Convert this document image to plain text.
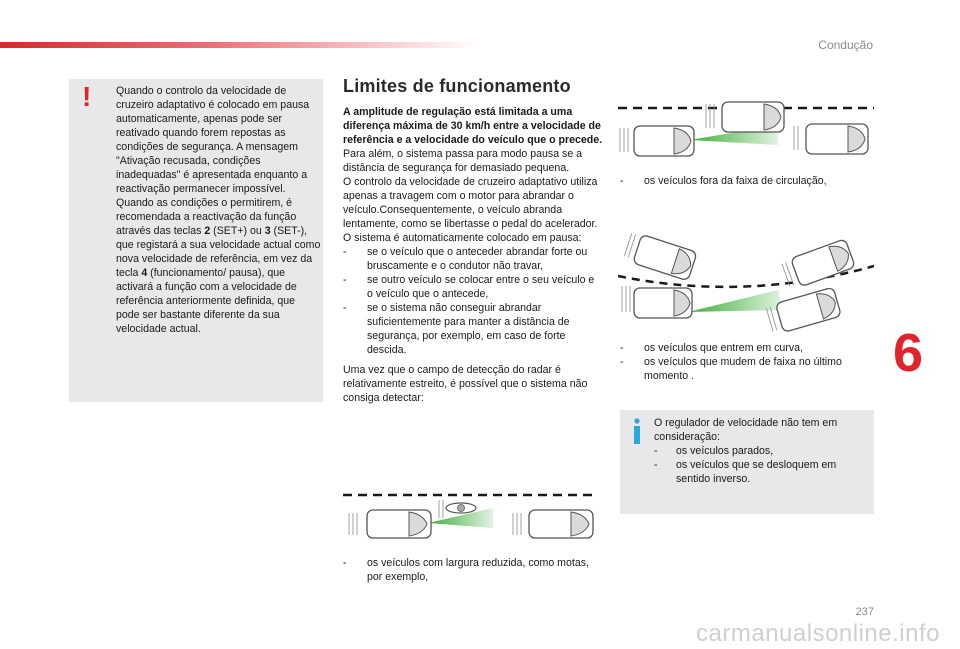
Condução
! Quando o controlo da velocidade de cruzeiro adaptativo é colocado em pausa automaticamente, apenas pode ser reativado quando forem repostas as condições de segurança. A mensagem "Ativação recusada, condições inadequadas" é apresentada enquanto a reactivação permanecer impossível. Quando as condições o permitirem, é recomendada a reactivação da função através das teclas 2 (SET+) ou 3 (SET-), que registará a sua velocidade actual como nova velocidade de referência, em vez da tecla 4 (funcionamento/ pausa), que activará a função com a velocidade de referência anteriormente definida, que pode ser bastante diferente da sua velocidade actual.
Limites de funcionamento
A amplitude de regulação está limitada a uma diferença máxima de 30 km/h entre a velocidade de referência e a velocidade do veículo que o precede.
Para além, o sistema passa para modo pausa se a distância de segurança for demasiado pequena.
O controlo da velocidade de cruzeiro adaptativo utiliza apenas a travagem com o motor para abrandar o veículo.Consequentemente, o veículo abranda lentamente, como se libertasse o pedal do acelerador.
O sistema é automaticamente colocado em pausa:
- se o veículo que o anteceder abrandar forte ou bruscamente e o condutor não travar,
- se outro veículo se colocar entre o seu veículo e o veículo que o antecede,
- se o sistema não conseguir abrandar suficientemente para manter a distância de segurança, por exemplo, em caso de forte descida.
Uma vez que o campo de detecção do radar é relativamente estreito, é possível que o sistema não consiga detectar:
- os veículos com largura reduzida, como motas, por exemplo,
- os veículos fora da faixa de circulação,
- os veículos que entrem em curva,
- os veículos que mudem de faixa no último momento .
O regulador de velocidade não tem em consideração:
- os veículos parados,
- os veículos que se desloquem em sentido inverso.
6
237
carmanualsonline.info
